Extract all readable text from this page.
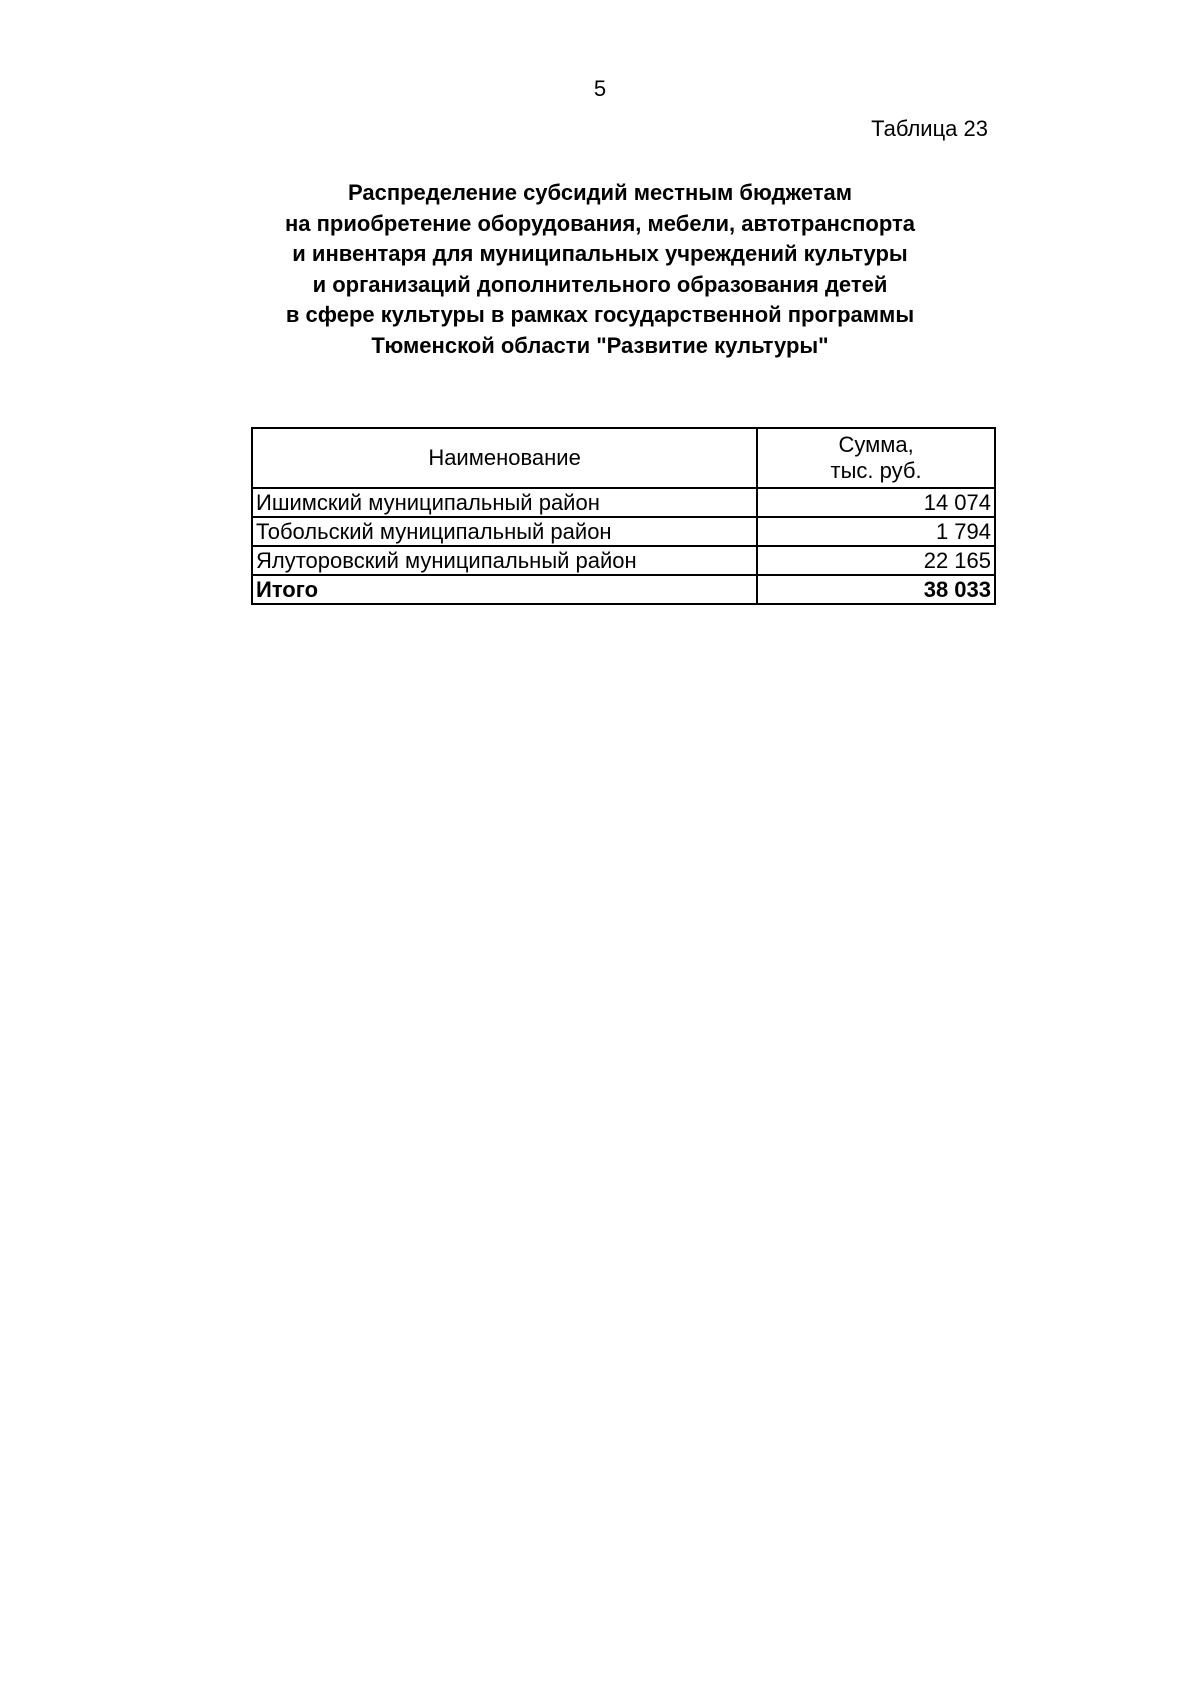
5
Таблица 23
Распределение субсидий местным бюджетам
на приобретение оборудования, мебели, автотранспорта
и инвентаря для муниципальных учреждений культуры
и организаций дополнительного образования детей
в сфере культуры в рамках государственной программы
Тюменской области "Развитие культуры"
Наименование	Сумма,
тыс. руб.

Ишимский муниципальный район	14 074
Тобольский муниципальный район	1 794
Ялуторовский муниципальный район	22 165
Итого	38 033
